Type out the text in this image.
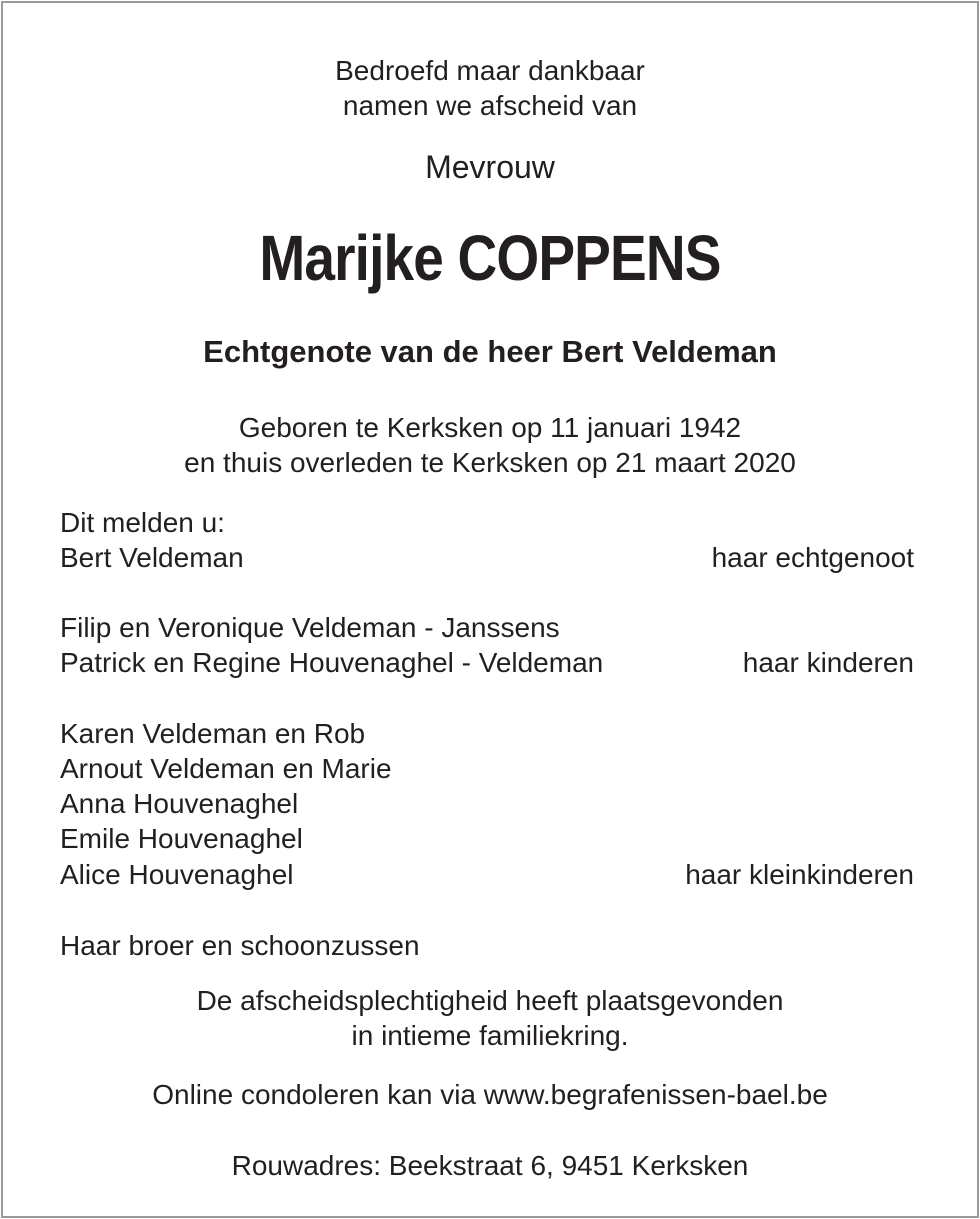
Bedroefd maar dankbaar
namen we afscheid van
Mevrouw
Marijke COPPENS
Echtgenote van de heer Bert Veldeman
Geboren te Kerksken op 11 januari 1942
en thuis overleden te Kerksken op 21 maart 2020
Dit melden u:
Bert Veldeman	haar echtgenoot
Filip en Veronique Veldeman - Janssens
Patrick en Regine Houvenaghel - Veldeman	haar kinderen
Karen Veldeman en Rob
Arnout Veldeman en Marie
Anna Houvenaghel
Emile Houvenaghel
Alice Houvenaghel	haar kleinkinderen
Haar broer en schoonzussen
De afscheidsplechtigheid heeft plaatsgevonden
in intieme familiekring.
Online condoleren kan via www.begrafenissen-bael.be
Rouwadres: Beekstraat 6, 9451 Kerksken
